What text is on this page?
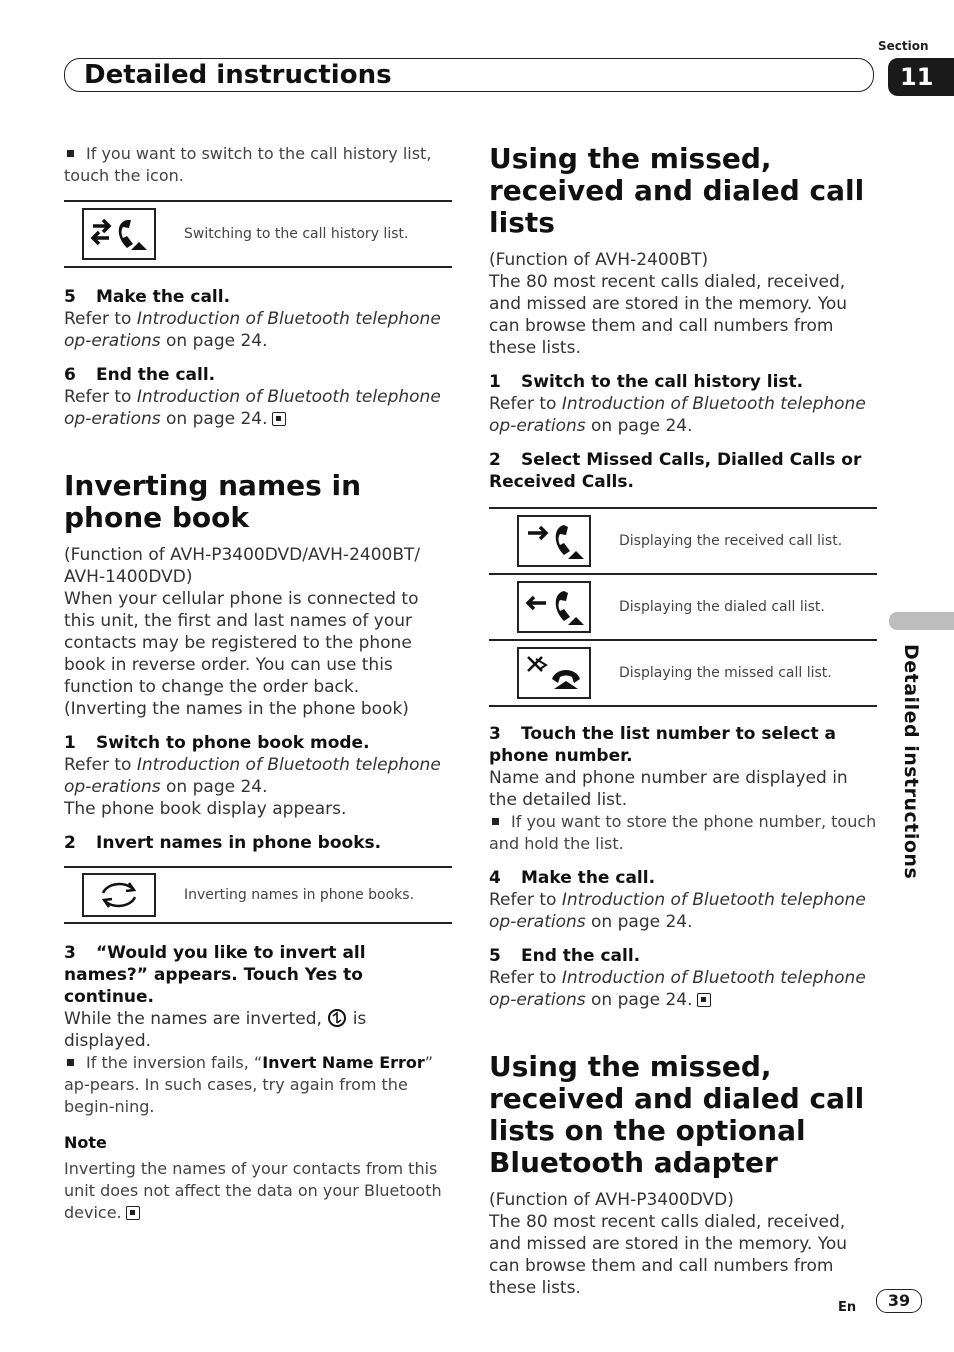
Section
Detailed instructions	11
Detailed instructions

If you want to switch to the call history list, touch the icon.

Switching to the call history list.

5 Make the call.

Refer to Introduction of Bluetooth telephone op-erations on page 24.

6 End the call.

Refer to Introduction of Bluetooth telephone op-erations on page 24.

Inverting names in phone book

(Function of AVH-P3400DVD/AVH-2400BT/ AVH-1400DVD)

When your cellular phone is connected to this unit, the first and last names of your contacts may be registered to the phone book in reverse order. You can use this function to change the order back.

(Inverting the names in the phone book)

1 Switch to phone book mode.

Refer to Introduction of Bluetooth telephone op-erations on page 24.

The phone book display appears.

2 Invert names in phone books.

Inverting names in phone books.

3 “Would you like to invert all names?” appears. Touch Yes to continue.

While the names are inverted,  is displayed.

If the inversion fails, “Invert Name Error” ap-pears. In such cases, try again from the begin-ning.

Note

Inverting the names of your contacts from this unit does not affect the data on your Bluetooth device.

Using the missed, received and dialed call lists

(Function of AVH-2400BT)

The 80 most recent calls dialed, received, and missed are stored in the memory. You can browse them and call numbers from these lists.

1 Switch to the call history list.

Refer to Introduction of Bluetooth telephone op-erations on page 24.

2 Select Missed Calls, Dialled Calls or Received Calls.

Displaying the received call list.
Displaying the dialed call list.
Displaying the missed call list.

3 Touch the list number to select a phone number.

Name and phone number are displayed in the detailed list.

If you want to store the phone number, touch and hold the list.

4 Make the call.

Refer to Introduction of Bluetooth telephone op-erations on page 24.

5 End the call.

Refer to Introduction of Bluetooth telephone op-erations on page 24.

Using the missed, received and dialed call lists on the optional Bluetooth adapter

(Function of AVH-P3400DVD)

The 80 most recent calls dialed, received, and missed are stored in the memory. You can browse them and call numbers from these lists.

En	39
